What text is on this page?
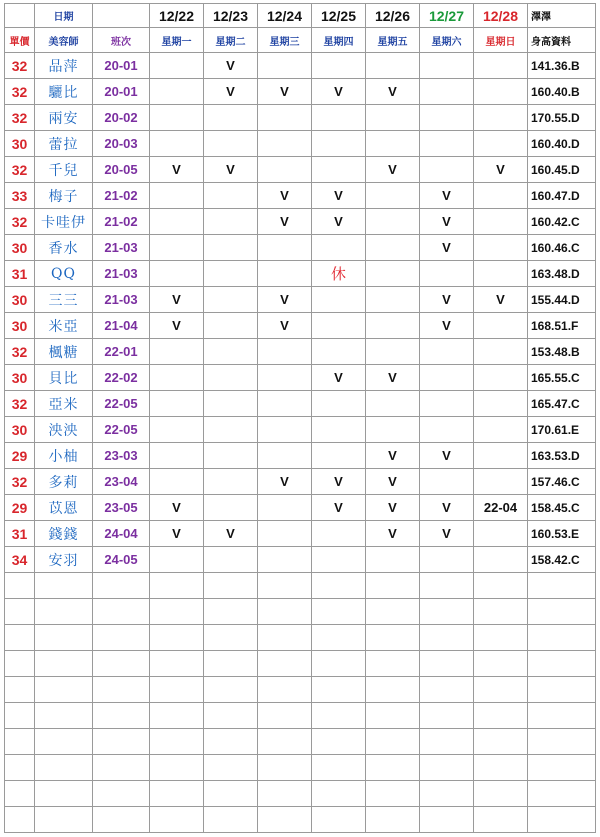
	日期		12/22	12/23	12/24	12/25	12/26	12/27	12/28	澤澤
單價	美容師	班次	星期一	星期二	星期三	星期四	星期五	星期六	星期日	身高資料
32	品萍	20-01		V						141.36.B
32	驪比	20-01		V	V	V	V			160.40.B
32	兩安	20-02								170.55.D
30	蕾拉	20-03								160.40.D
32	千兒	20-05	V	V			V		V	160.45.D
33	梅子	21-02			V	V		V		160.47.D
32	卡哇伊	21-02			V	V		V		160.42.C
30	香水	21-03						V		160.46.C
31	QQ	21-03				休				163.48.D
30	三三	21-03	V		V			V	V	155.44.D
30	米亞	21-04	V		V			V		168.51.F
32	楓糖	22-01								153.48.B
30	貝比	22-02				V	V			165.55.C
32	亞米	22-05								165.47.C
30	泱泱	22-05								170.61.E
29	小柚	23-03					V	V		163.53.D
32	多莉	23-04			V	V	V			157.46.C
29	苡恩	23-05	V			V	V	V	22-04	158.45.C
31	錢錢	24-04	V	V			V	V		160.53.E
34	安羽	24-05								158.42.C
